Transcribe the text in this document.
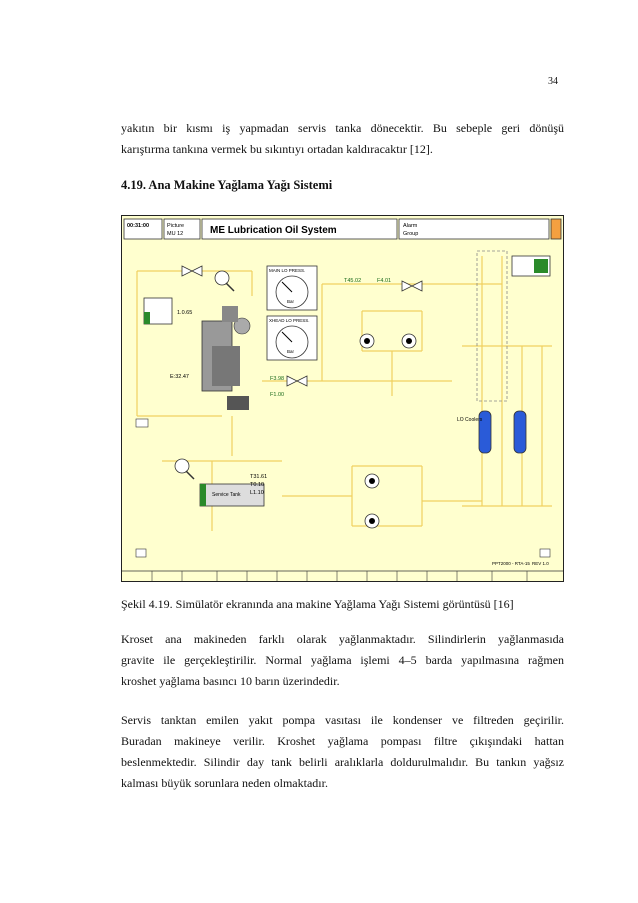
34
yakıtın bir kısmı iş yapmadan servis tanka dönecektir. Bu sebeple geri dönüşü
karıştırma tankına vermek bu sıkıntıyı ortadan kaldıracaktır [12].
4.19. Ana Makine Yağlama Yağı Sistemi
00:31:00	Picture
MU 12	ME Lubrication Oil System	Alarm
Group
1.0.65
E:32.47
MAIN LO PRESS.
Bar
XHEAD LO PRESS.
Bar
T45.02	F4.01
F3.98
F1.00
LO Coolers
Service Tank
T31.61
T0.10
L1.10
PPT2000 - RTA-15 REV 1.0
Şekil 4.19. Simülatör ekranında ana makine Yağlama Yağı Sistemi görüntüsü [16]
Kroset ana makineden farklı olarak yağlanmaktadır. Silindirlerin yağlanmasıda
gravite ile gerçekleştirilir. Normal yağlama işlemi 4–5 barda yapılmasına rağmen
kroshet yağlama basıncı 10 barın üzerindedir.
Servis tanktan emilen yakıt pompa vasıtası ile kondenser ve filtreden geçirilir.
Buradan makineye verilir. Kroshet yağlama pompası filtre çıkışındaki hattan
beslenmektedir. Silindir day tank belirli aralıklarla doldurulmalıdır. Bu tankın yağsız
kalması büyük sorunlara neden olmaktadır.
